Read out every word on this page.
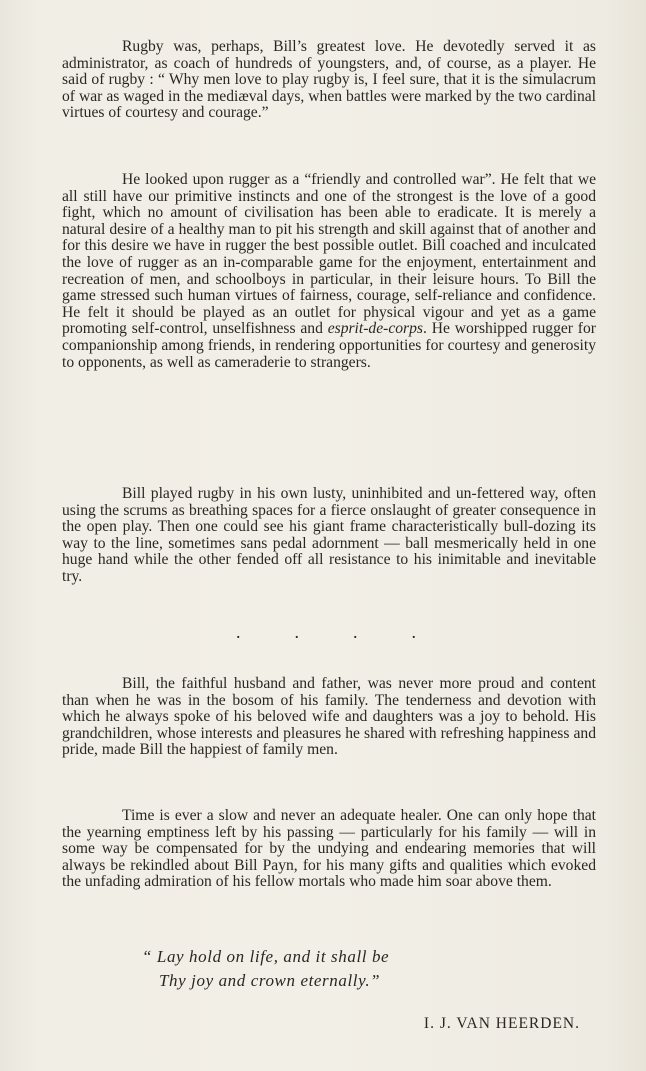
Rugby was, perhaps, Bill’s greatest love. He devotedly served it as administrator, as coach of hundreds of youngsters, and, of course, as a player. He said of rugby : “ Why men love to play rugby is, I feel sure, that it is the simulacrum of war as waged in the mediæval days, when battles were marked by the two cardinal virtues of courtesy and courage.”

He looked upon rugger as a “friendly and controlled war”. He felt that we all still have our primitive instincts and one of the strongest is the love of a good fight, which no amount of civilisation has been able to eradicate. It is merely a natural desire of a healthy man to pit his strength and skill against that of another and for this desire we have in rugger the best possible outlet. Bill coached and inculcated the love of rugger as an in-comparable game for the enjoyment, entertainment and recreation of men, and schoolboys in particular, in their leisure hours. To Bill the game stressed such human virtues of fairness, courage, self-reliance and confidence. He felt it should be played as an outlet for physical vigour and yet as a game promoting self-control, unselfishness and esprit-de-corps. He worshipped rugger for companionship among friends, in rendering opportunities for courtesy and generosity to opponents, as well as cameraderie to strangers.

Bill played rugby in his own lusty, uninhibited and un-fettered way, often using the scrums as breathing spaces for a fierce onslaught of greater consequence in the open play. Then one could see his giant frame characteristically bull-dozing its way to the line, sometimes sans pedal adornment — ball mesmerically held in one huge hand while the other fended off all resistance to his inimitable and inevitable try.

.	.	.	.

Bill, the faithful husband and father, was never more proud and content than when he was in the bosom of his family. The tenderness and devotion with which he always spoke of his beloved wife and daughters was a joy to behold. His grandchildren, whose interests and pleasures he shared with refreshing happiness and pride, made Bill the happiest of family men.

Time is ever a slow and never an adequate healer. One can only hope that the yearning emptiness left by his passing — particularly for his family — will in some way be compensated for by the undying and endearing memories that will always be rekindled about Bill Payn, for his many gifts and qualities which evoked the unfading admiration of his fellow mortals who made him soar above them.

“ Lay hold on life, and it shall be
Thy joy and crown eternally.”
I. J. VAN HEERDEN.
